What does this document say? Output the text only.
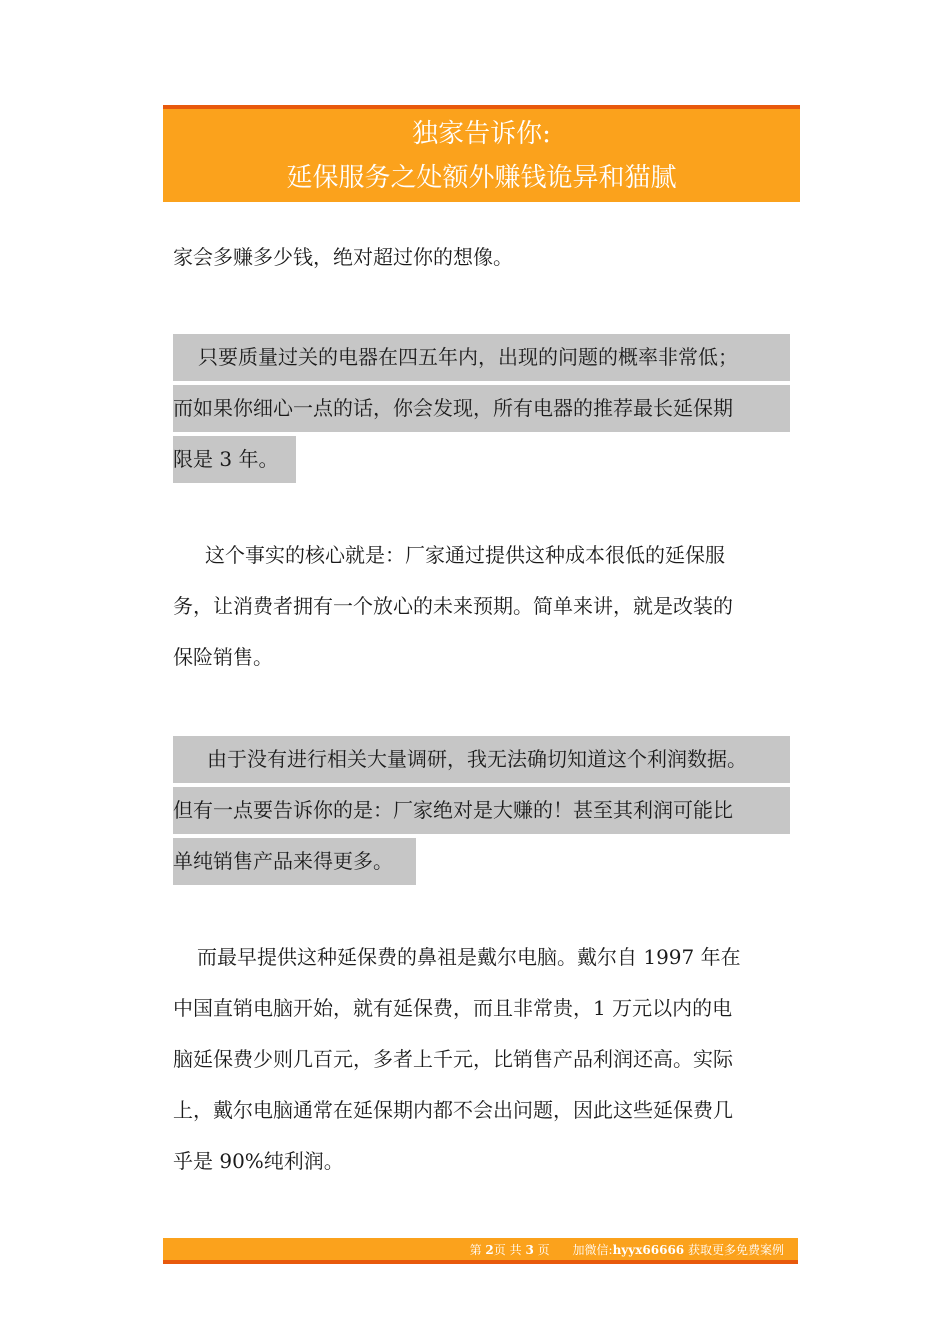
独家告诉你:
延保服务之处额外赚钱诡异和猫腻
家会多赚多少钱，绝对超过你的想像。
只要质量过关的电器在四五年内，出现的问题的概率非常低；
而如果你细心一点的话，你会发现，所有电器的推荐最长延保期
限是 3 年。
这个事实的核心就是：厂家通过提供这种成本很低的延保服
务，让消费者拥有一个放心的未来预期。简单来讲，就是改装的
保险销售。
由于没有进行相关大量调研，我无法确切知道这个利润数据。
但有一点要告诉你的是：厂家绝对是大赚的！甚至其利润可能比
单纯销售产品来得更多。
而最早提供这种延保费的鼻祖是戴尔电脑。戴尔自 1997 年在
中国直销电脑开始，就有延保费，而且非常贵，1 万元以内的电
脑延保费少则几百元，多者上千元，比销售产品利润还高。实际
上，戴尔电脑通常在延保期内都不会出问题，因此这些延保费几
乎是 90%纯利润。
第 2页 共 3 页 加微信:hyyx66666 获取更多免费案例
